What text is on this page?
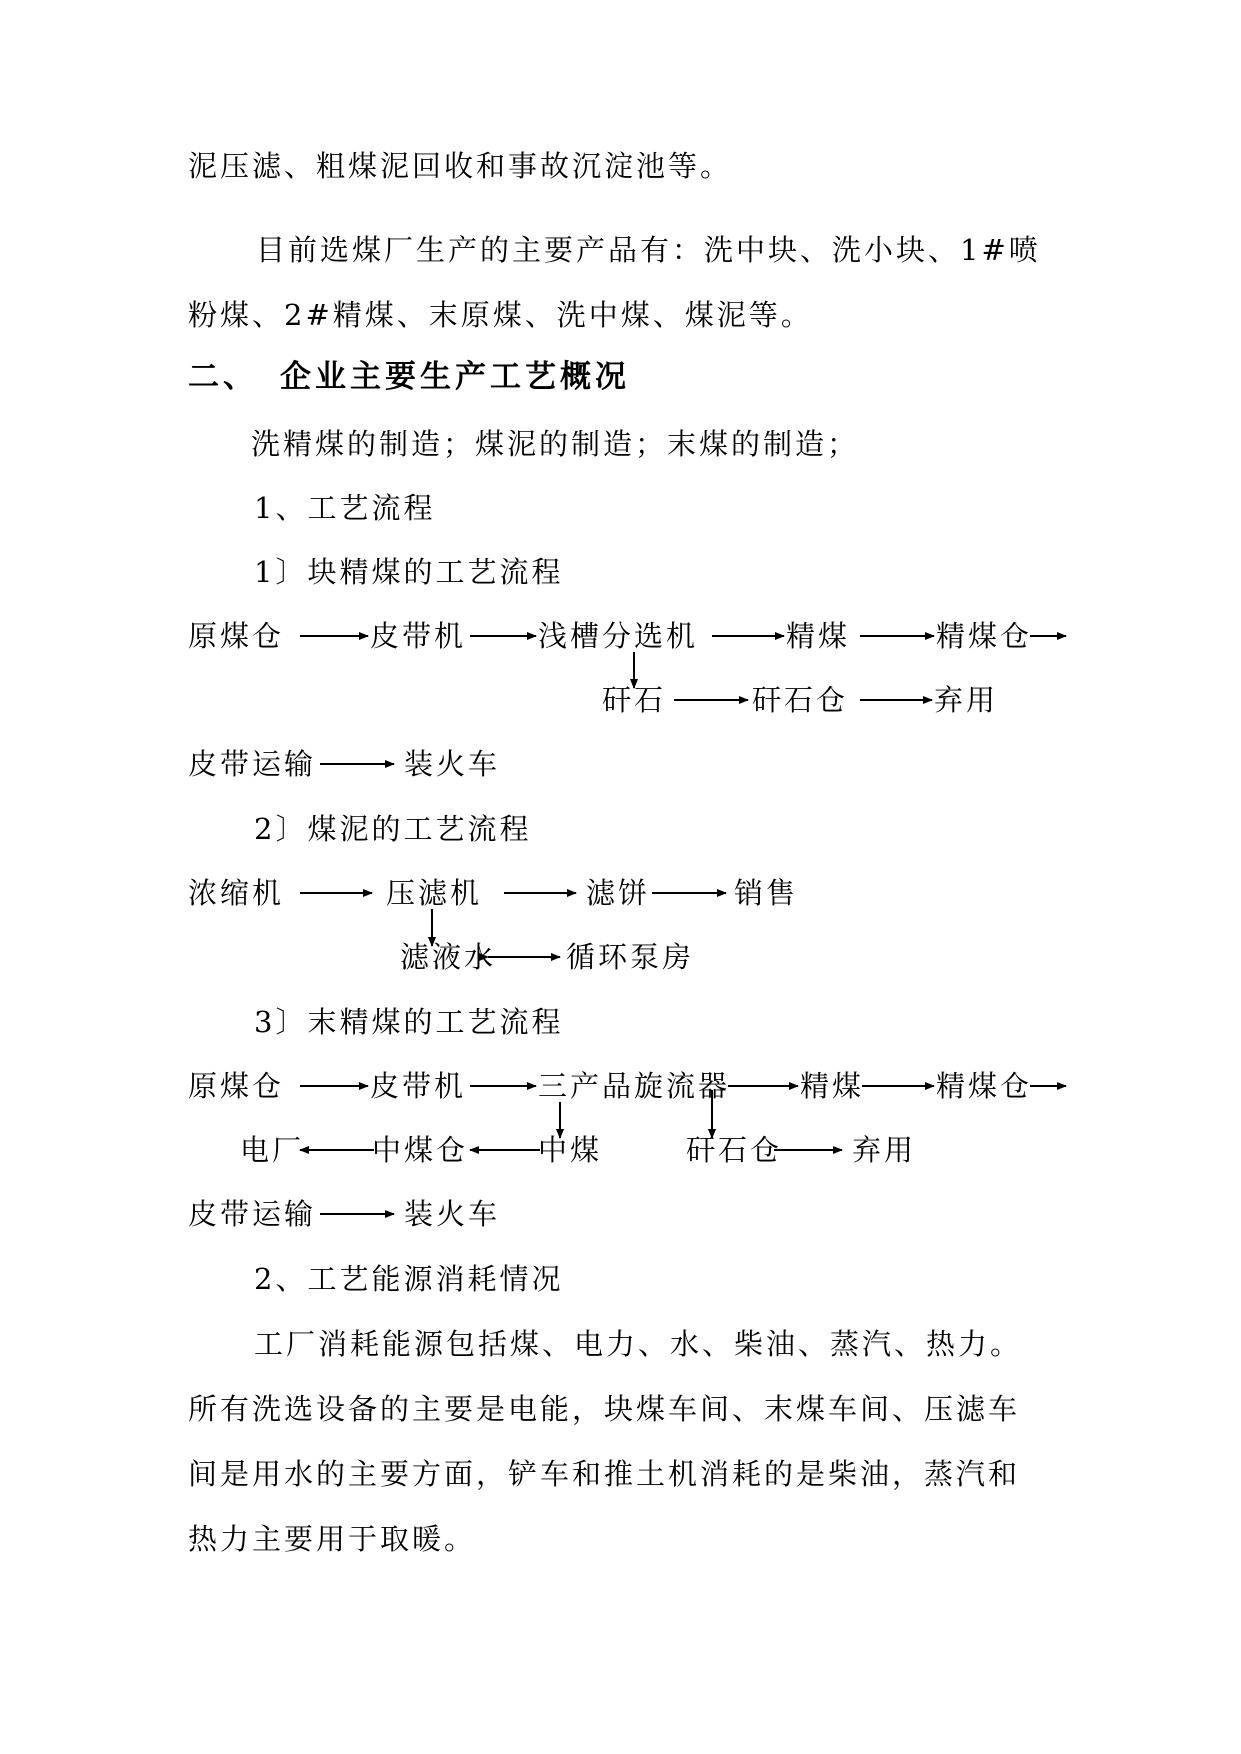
泥压滤、粗煤泥回收和事故沉淀池等。
目前选煤厂生产的主要产品有：洗中块、洗小块、1#喷
粉煤、2#精煤、末原煤、洗中煤、煤泥等。
二、 企业主要生产工艺概况
洗精煤的制造；煤泥的制造；末煤的制造；
1、工艺流程
1〕块精煤的工艺流程
原煤仓	皮带机 浅槽分选机	精煤	精煤仓
矸石	矸石仓	弃用
皮带运输	装火车
2〕煤泥的工艺流程
浓缩机	压滤机	滤饼	销售
滤液水 循环泵房
3〕末精煤的工艺流程
原煤仓	皮带机 三产品旋流器 精煤 精煤仓
电厂 中煤仓 中煤	矸石仓 弃用
皮带运输	装火车
2、工艺能源消耗情况
工厂消耗能源包括煤、电力、水、柴油、蒸汽、热力。
所有洗选设备的主要是电能，块煤车间、末煤车间、压滤车
间是用水的主要方面，铲车和推土机消耗的是柴油，蒸汽和
热力主要用于取暖。
